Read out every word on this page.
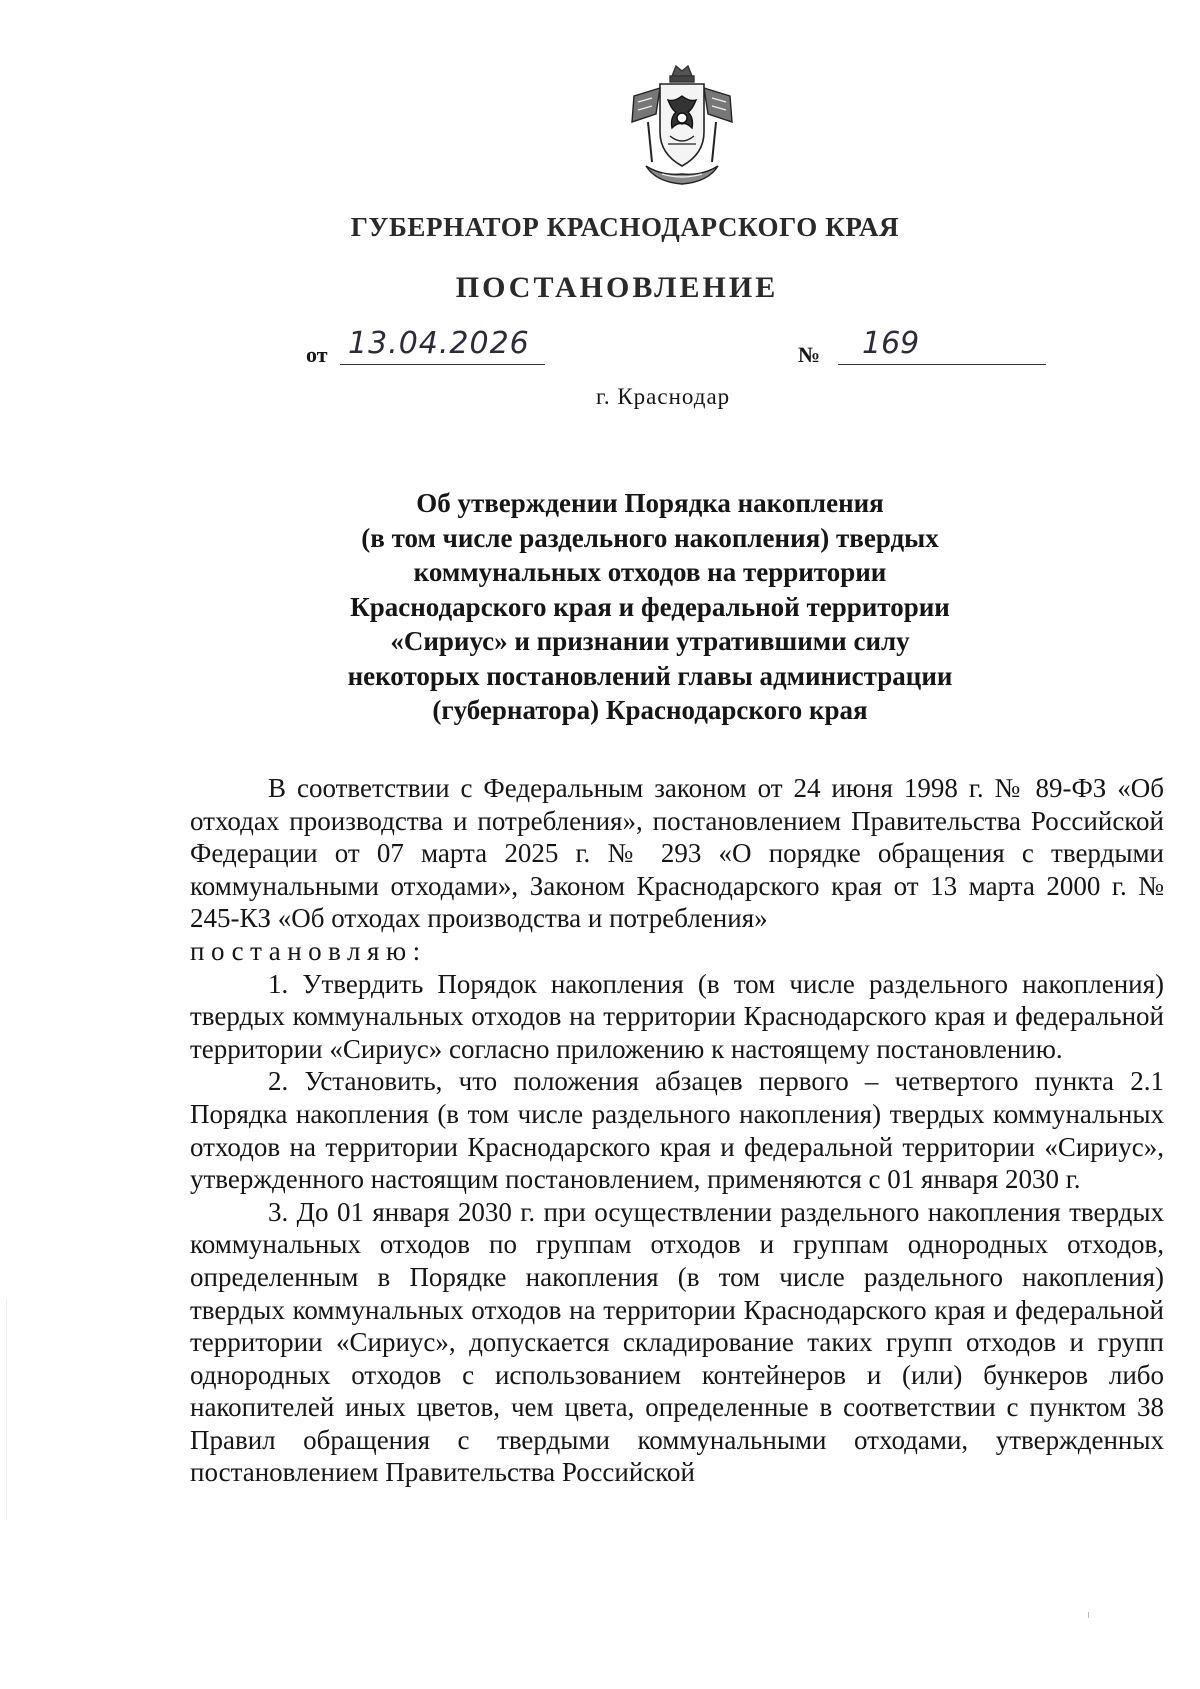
ГУБЕРНАТОР КРАСНОДАРСКОГО КРАЯ
ПОСТАНОВЛЕНИЕ
от 13.04.2026	№	169
г. Краснодар
Об утверждении Порядка накопления
(в том числе раздельного накопления) твердых
коммунальных отходов на территории
Краснодарского края и федеральной территории
«Сириус» и признании утратившими силу
некоторых постановлений главы администрации
(губернатора) Краснодарского края

В соответствии с Федеральным законом от 24 июня 1998 г. № 89-ФЗ «Об отходах производства и потребления», постановлением Правительства Российской Федерации от 07 марта 2025 г. № 293 «О порядке обращения с твердыми коммунальными отходами», Законом Краснодарского края от 13 марта 2000 г. № 245-КЗ «Об отходах производства и потребления»

постановляю:

1. Утвердить Порядок накопления (в том числе раздельного накопления) твердых коммунальных отходов на территории Краснодарского края и федеральной территории «Сириус» согласно приложению к настоящему постановлению.

2. Установить, что положения абзацев первого – четвертого пункта 2.1 Порядка накопления (в том числе раздельного накопления) твердых коммунальных отходов на территории Краснодарского края и федеральной территории «Сириус», утвержденного настоящим постановлением, применяются с 01 января 2030 г.

3. До 01 января 2030 г. при осуществлении раздельного накопления твердых коммунальных отходов по группам отходов и группам однородных отходов, определенным в Порядке накопления (в том числе раздельного накопления) твердых коммунальных отходов на территории Краснодарского края и федеральной территории «Сириус», допускается складирование таких групп отходов и групп однородных отходов с использованием контейнеров и (или) бункеров либо накопителей иных цветов, чем цвета, определенные в соответствии с пунктом 38 Правил обращения с твердыми коммунальными отходами, утвержденных постановлением Правительства Российской
